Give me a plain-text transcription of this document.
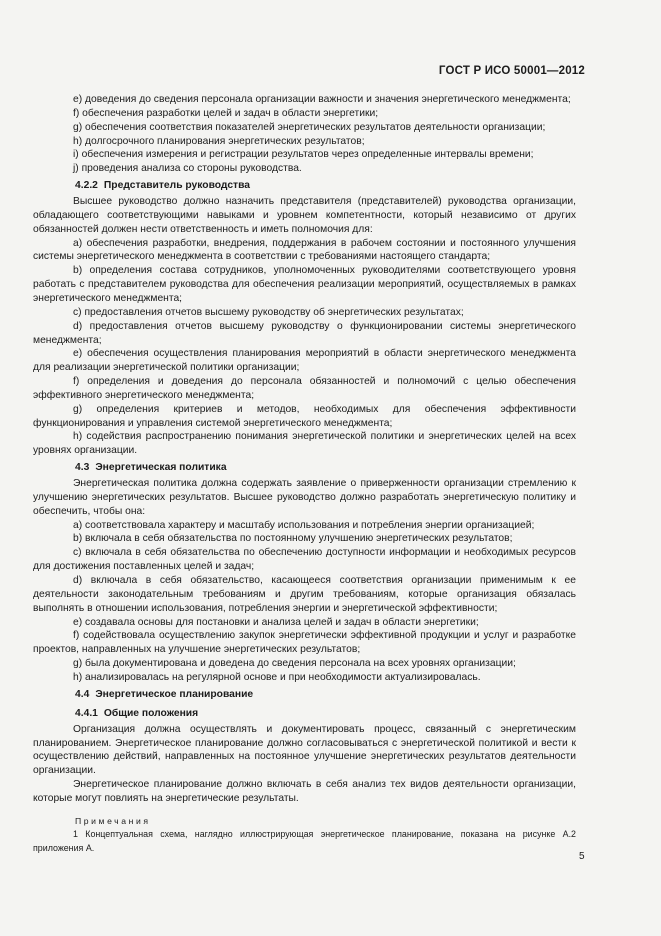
ГОСТ Р ИСО 50001—2012

е) доведения до сведения персонала организации важности и значения энергетического менеджмента;

f) обеспечения разработки целей и задач в области энергетики;

g) обеспечения соответствия показателей энергетических результатов деятельности организации;

h) долгосрочного планирования энергетических результатов;

i) обеспечения измерения и регистрации результатов через определенные интервалы времени;

j) проведения анализа со стороны руководства.

4.2.2 Представитель руководства

Высшее руководство должно назначить представителя (представителей) руководства организации, обладающего соответствующими навыками и уровнем компетентности, который независимо от других обязанностей должен нести ответственность и иметь полномочия для:

а) обеспечения разработки, внедрения, поддержания в рабочем состоянии и постоянного улучшения системы энергетического менеджмента в соответствии с требованиями настоящего стандарта;

b) определения состава сотрудников, уполномоченных руководителями соответствующего уровня работать с представителем руководства для обеспечения реализации мероприятий, осуществляемых в рамках энергетического менеджмента;

c) предоставления отчетов высшему руководству об энергетических результатах;

d) предоставления отчетов высшему руководству о функционировании системы энергетического менеджмента;

e) обеспечения осуществления планирования мероприятий в области энергетического менеджмента для реализации энергетической политики организации;

f) определения и доведения до персонала обязанностей и полномочий с целью обеспечения эффективного энергетического менеджмента;

g) определения критериев и методов, необходимых для обеспечения эффективности функционирования и управления системой энергетического менеджмента;

h) содействия распространению понимания энергетической политики и энергетических целей на всех уровнях организации.

4.3 Энергетическая политика

Энергетическая политика должна содержать заявление о приверженности организации стремлению к улучшению энергетических результатов. Высшее руководство должно разработать энергетическую политику и обеспечить, чтобы она:

а) соответствовала характеру и масштабу использования и потребления энергии организацией;

b) включала в себя обязательства по постоянному улучшению энергетических результатов;

c) включала в себя обязательства по обеспечению доступности информации и необходимых ресурсов для достижения поставленных целей и задач;

d) включала в себя обязательство, касающееся соответствия организации применимым к ее деятельности законодательным требованиям и другим требованиям, которые организация обязалась выполнять в отношении использования, потребления энергии и энергетической эффективности;

e) создавала основы для постановки и анализа целей и задач в области энергетики;

f) содействовала осуществлению закупок энергетически эффективной продукции и услуг и разработке проектов, направленных на улучшение энергетических результатов;

g) была документирована и доведена до сведения персонала на всех уровнях организации;

h) анализировалась на регулярной основе и при необходимости актуализировалась.

4.4 Энергетическое планирование
4.4.1 Общие положения

Организация должна осуществлять и документировать процесс, связанный с энергетическим планированием. Энергетическое планирование должно согласовываться с энергетической политикой и вести к осуществлению действий, направленных на постоянное улучшение энергетических результатов деятельности организации.

Энергетическое планирование должно включать в себя анализ тех видов деятельности организации, которые могут повлиять на энергетические результаты.

Примечания

1 Концептуальная схема, наглядно иллюстрирующая энергетическое планирование, показана на рисунке А.2 приложения А.

5
